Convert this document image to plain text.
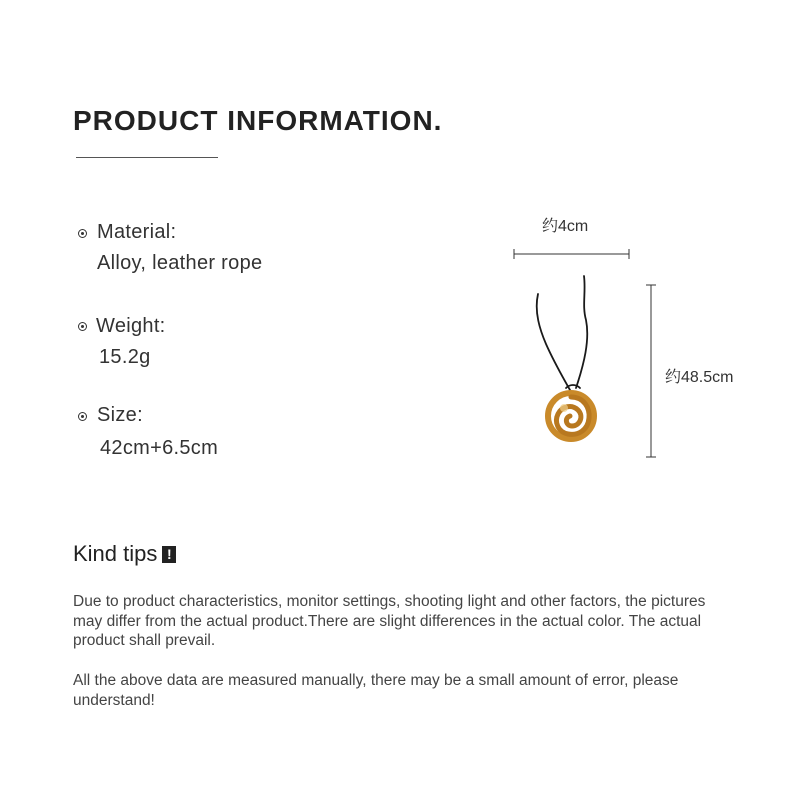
PRODUCT INFORMATION.
Material:
Alloy, leather rope
Weight:
15.2g
Size:
42cm+6.5cm
约4cm
约48.5cm
Kind tips !
Due to product characteristics, monitor settings, shooting light and other factors, the pictures may differ from the actual product.There are slight differences in the actual color. The actual product shall prevail.
All the above data are measured manually, there may be a small amount of error, please understand!
